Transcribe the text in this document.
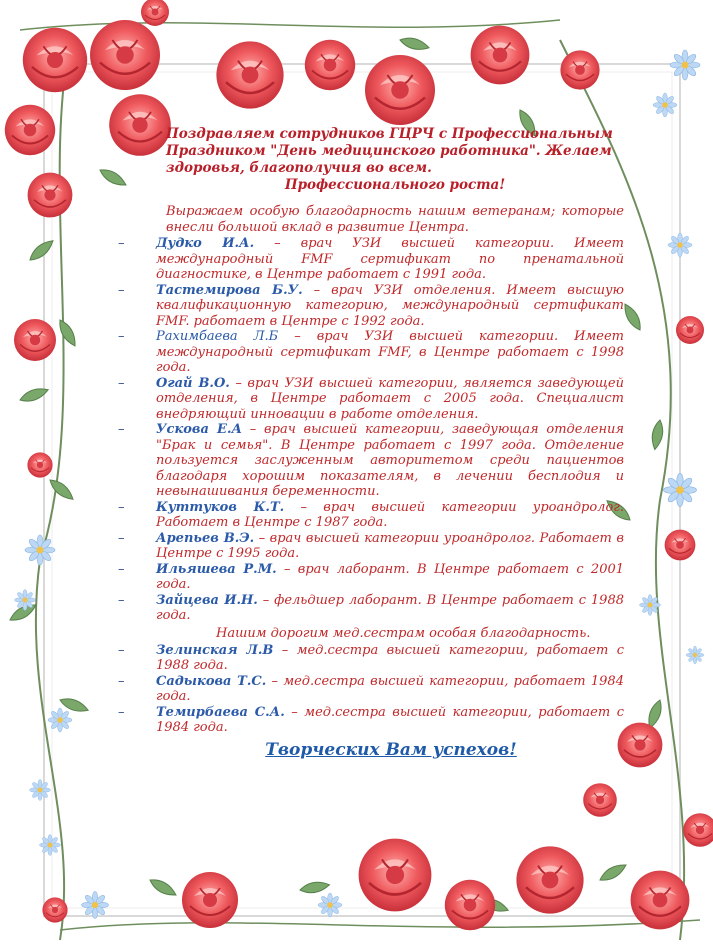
Поздравляем сотрудников ГЦРЧ с Профессиональным
Праздником "День медицинского работника". Желаем
здоровья, благополучия во всем.
Профессионального роста!
Выражаем особую благодарность нашим ветеранам; которые внесли большой вклад в развитие Центра.
– Дудко И.А. – врач УЗИ высшей категории. Имеет международный FMF сертификат по пренатальной диагностике, в Центре работает с 1991 года.
– Тастемирова Б.У. – врач УЗИ отделения. Имеет высшую квалификационную категорию, международный сертификат FMF. работает в Центре с 1992 года.
– Рахимбаева Л.Б – врач УЗИ высшей категории. Имеет международный сертификат FMF, в Центре работает с 1998 года.
– Огай В.О. – врач УЗИ высшей категории, является заведующей отделения, в Центре работает с 2005 года. Специалист внедряющий инновации в работе отделения.
– Ускова Е.А – врач высшей категории, заведующая отделения "Брак и семья". В Центре работает с 1997 года. Отделение пользуется заслуженным авторитетом среди пациентов благодаря хорошим показателям, в лечении бесплодия и невынашивания беременности.
– Куттуков К.Т. – врач высшей категории уроандролог. Работает в Центре с 1987 года.
– Арепьев В.Э. – врач высшей категории уроандролог. Работает в Центре с 1995 года.
– Ильяшева Р.М. – врач лаборант. В Центре работает с 2001 года.
– Зайцева И.Н. – фельдшер лаборант. В Центре работает с 1988 года.
Нашим дорогим мед.сестрам особая благодарность.
– Зелинская Л.В – мед.сестра высшей категории, работает с 1988 года.
– Садыкова Т.С. – мед.сестра высшей категории, работает 1984 года.
– Темирбаева С.А. – мед.сестра высшей категории, работает с 1984 года.
Творческих Вам успехов!
